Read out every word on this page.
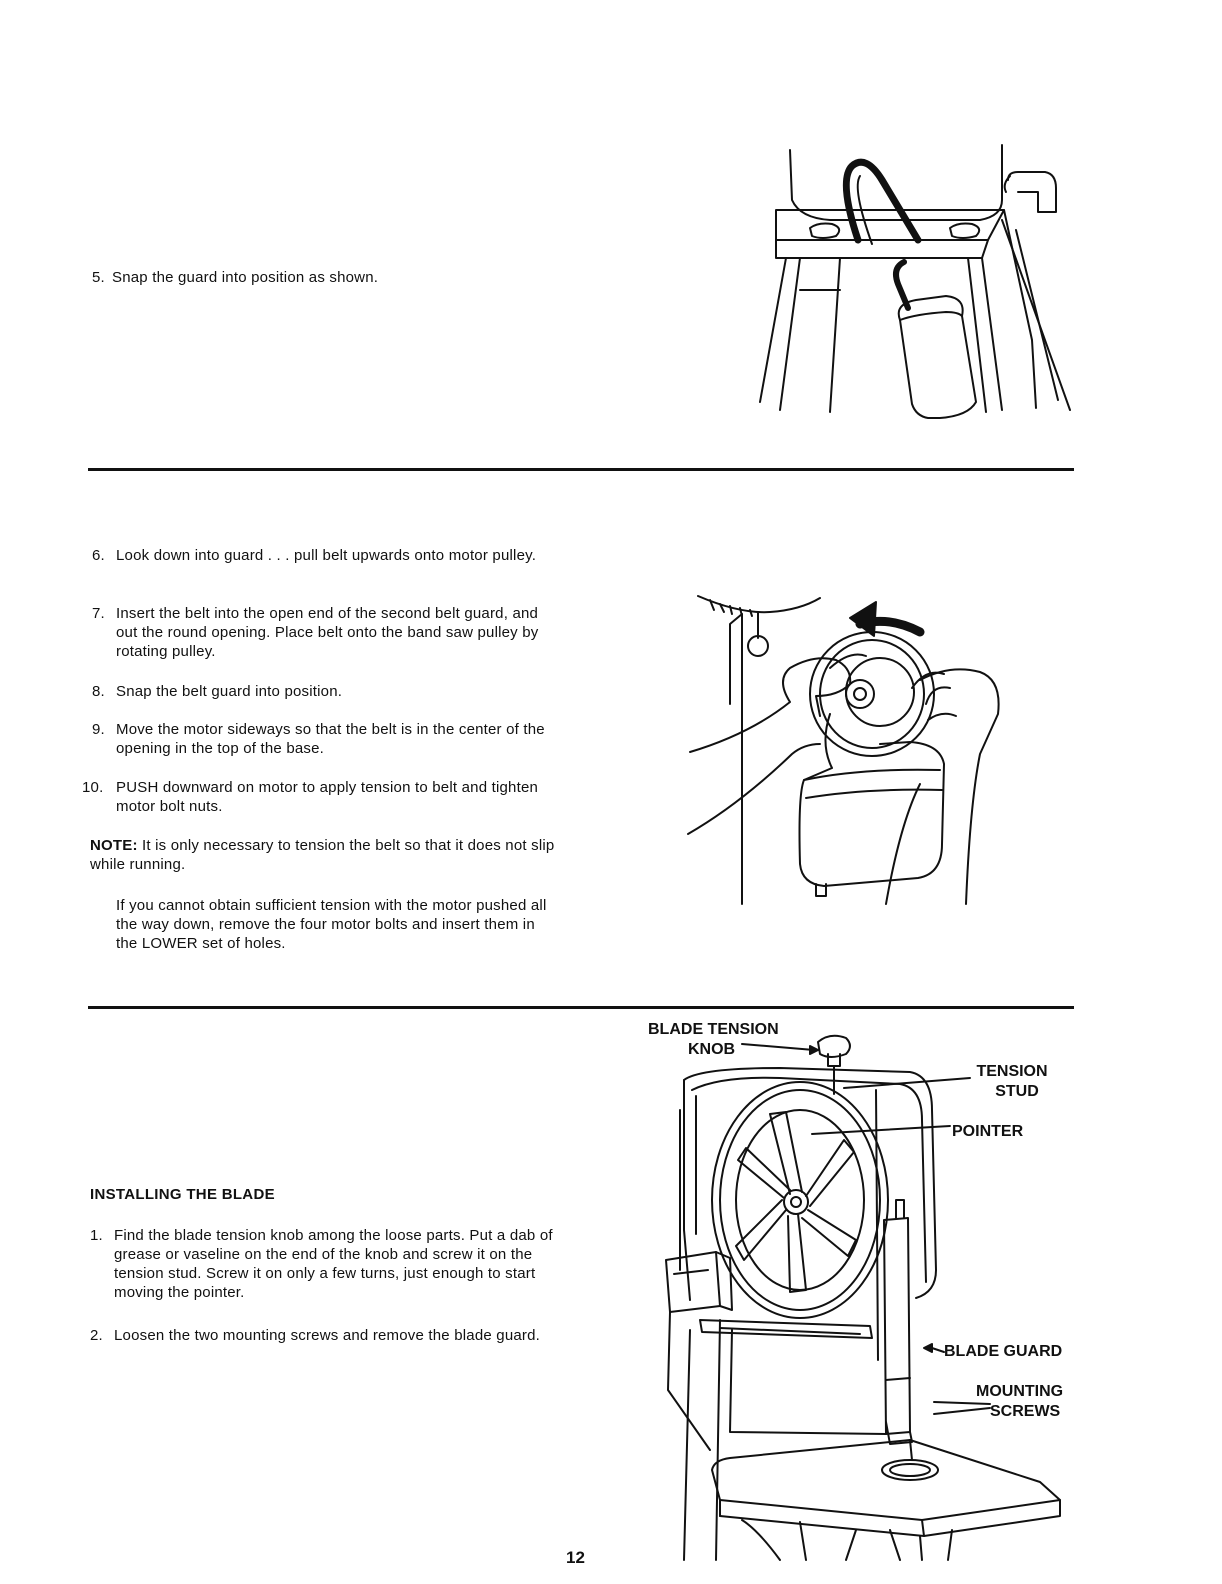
5. Snap the guard into position as shown.
6. Look down into guard . . . pull belt upwards onto motor pulley.
7. Insert the belt into the open end of the second belt guard, and out the round opening. Place belt onto the band saw pulley by rotating pulley.
8. Snap the belt guard into position.
9. Move the motor sideways so that the belt is in the center of the opening in the top of the base.
10. PUSH downward on motor to apply tension to belt and tighten motor bolt nuts.
NOTE: It is only necessary to tension the belt so that it does not slip while running.
If you cannot obtain sufficient tension with the motor pushed all the way down, remove the four motor bolts and insert them in the LOWER set of holes.
INSTALLING THE BLADE
1. Find the blade tension knob among the loose parts. Put a dab of grease or vaseline on the end of the knob and screw it on the tension stud. Screw it on only a few turns, just enough to start moving the pointer.
2. Loosen the two mounting screws and remove the blade guard.
BLADE TENSION
KNOB
TENSION
STUD
POINTER
BLADE GUARD
MOUNTING
SCREWS
12
